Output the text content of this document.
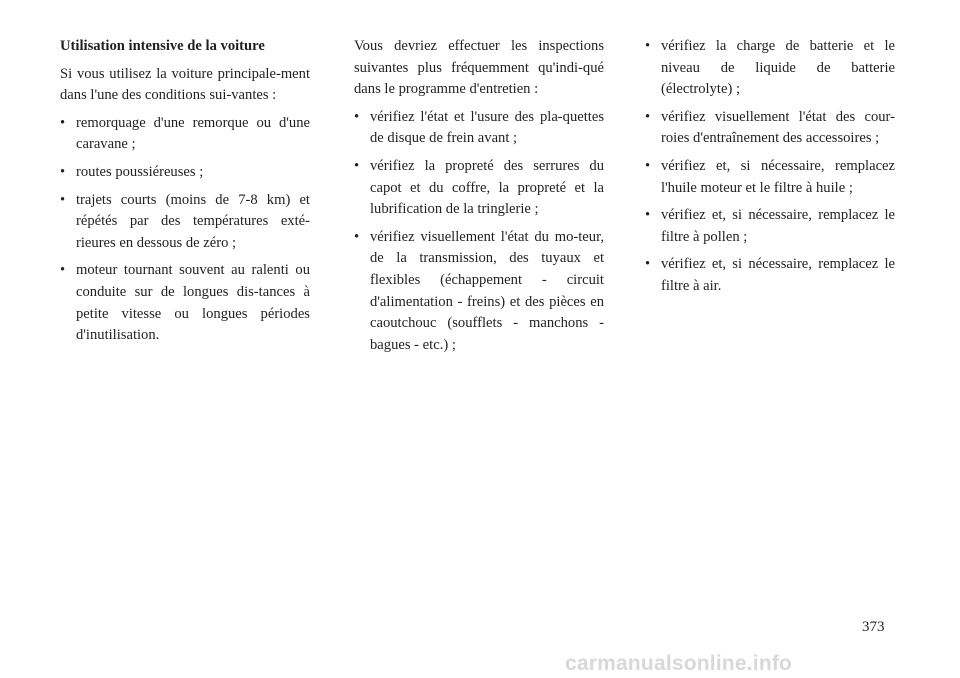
Utilisation intensive de la voiture
Si vous utilisez la voiture principale-ment dans l'une des conditions sui-vantes :
• remorquage d'une remorque ou d'une caravane ;
• routes poussiéreuses ;
• trajets courts (moins de 7-8 km) et répétés par des températures exté-rieures en dessous de zéro ;
• moteur tournant souvent au ralenti ou conduite sur de longues dis-tances à petite vitesse ou longues périodes d'inutilisation.
Vous devriez effectuer les inspections suivantes plus fréquemment qu'indi-qué dans le programme d'entretien :
• vérifiez l'état et l'usure des pla-quettes de disque de frein avant ;
• vérifiez la propreté des serrures du capot et du coffre, la propreté et la lubrification de la tringlerie ;
• vérifiez visuellement l'état du mo-teur, de la transmission, des tuyaux et flexibles (échappement - circuit d'alimentation - freins) et des pièces en caoutchouc (soufflets - manchons - bagues - etc.) ;
• vérifiez la charge de batterie et le niveau de liquide de batterie (électrolyte) ;
• vérifiez visuellement l'état des cour-roies d'entraînement des accessoires ;
• vérifiez et, si nécessaire, remplacez l'huile moteur et le filtre à huile ;
• vérifiez et, si nécessaire, remplacez le filtre à pollen ;
• vérifiez et, si nécessaire, remplacez le filtre à air.
373
carmanualsonline.info
